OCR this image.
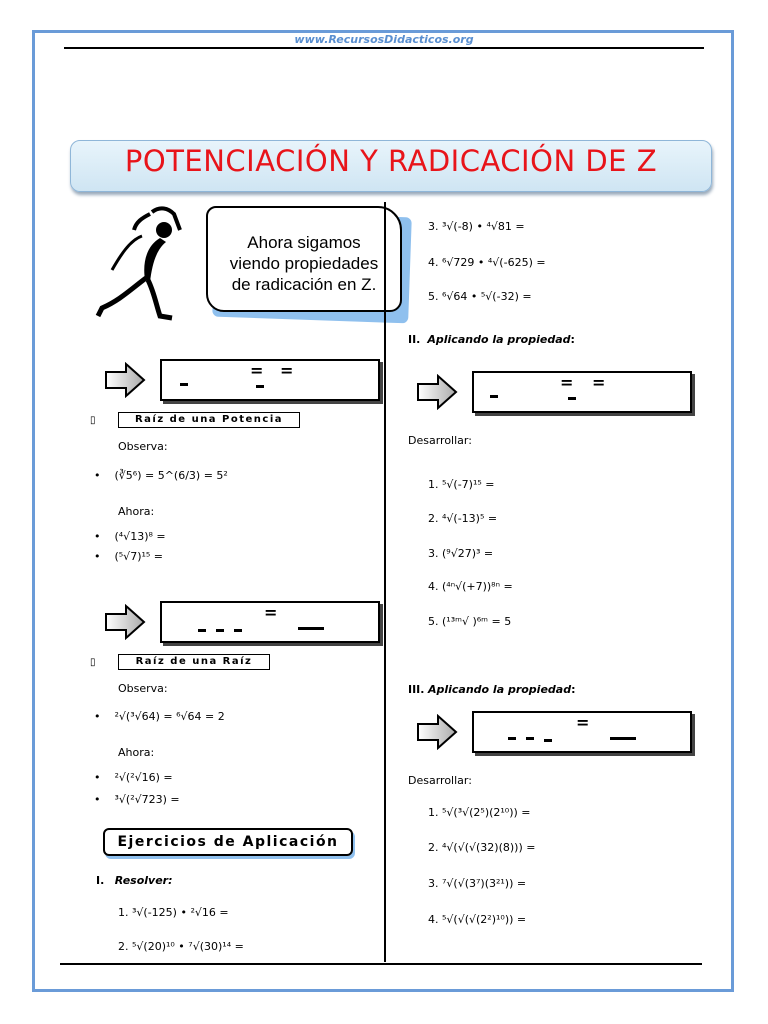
www.RecursosDidacticos.org
POTENCIACIÓN Y RADICACIÓN DE Z
Ahora sigamos
viendo propiedades
de radicación en Z.
= =
▯	Raíz de una Potencia
Observa:
•    (∛5⁶) = 5^(6/3) = 5²
Ahora:
•    (⁴√13)⁸ =
•    (⁵√7)¹⁵ =
=
▯	Raíz de una Raíz
Observa:
•    ²√(³√64) = ⁶√64 = 2
Ahora:
•    ²√(²√16) =
•    ³√(²√723) =
Ejercicios de Aplicación
I. Resolver:
1. ³√(-125) • ²√16 =
2. ⁵√(20)¹⁰ • ⁷√(30)¹⁴ =
3. ³√(-8) • ⁴√81 =
4. ⁶√729 • ⁴√(-625) =
5. ⁶√64 • ⁵√(-32) =
II. Aplicando la propiedad:
= =
Desarrollar:
1. ⁵√(-7)¹⁵ =
2. ⁴√(-13)⁵ =
3. (⁹√27)³ =
4. (⁴ⁿ√(+7))⁸ⁿ =
5. (¹³ᵐ√ )⁶ᵐ = 5
III. Aplicando la propiedad:
=
Desarrollar:
1. ⁵√(³√(2⁵)(2¹⁰)) =
2. ⁴√(√(√(32)(8))) =
3. ⁷√(√(3⁷)(3²¹)) =
4. ⁵√(√(√(2²)¹⁰)) =
